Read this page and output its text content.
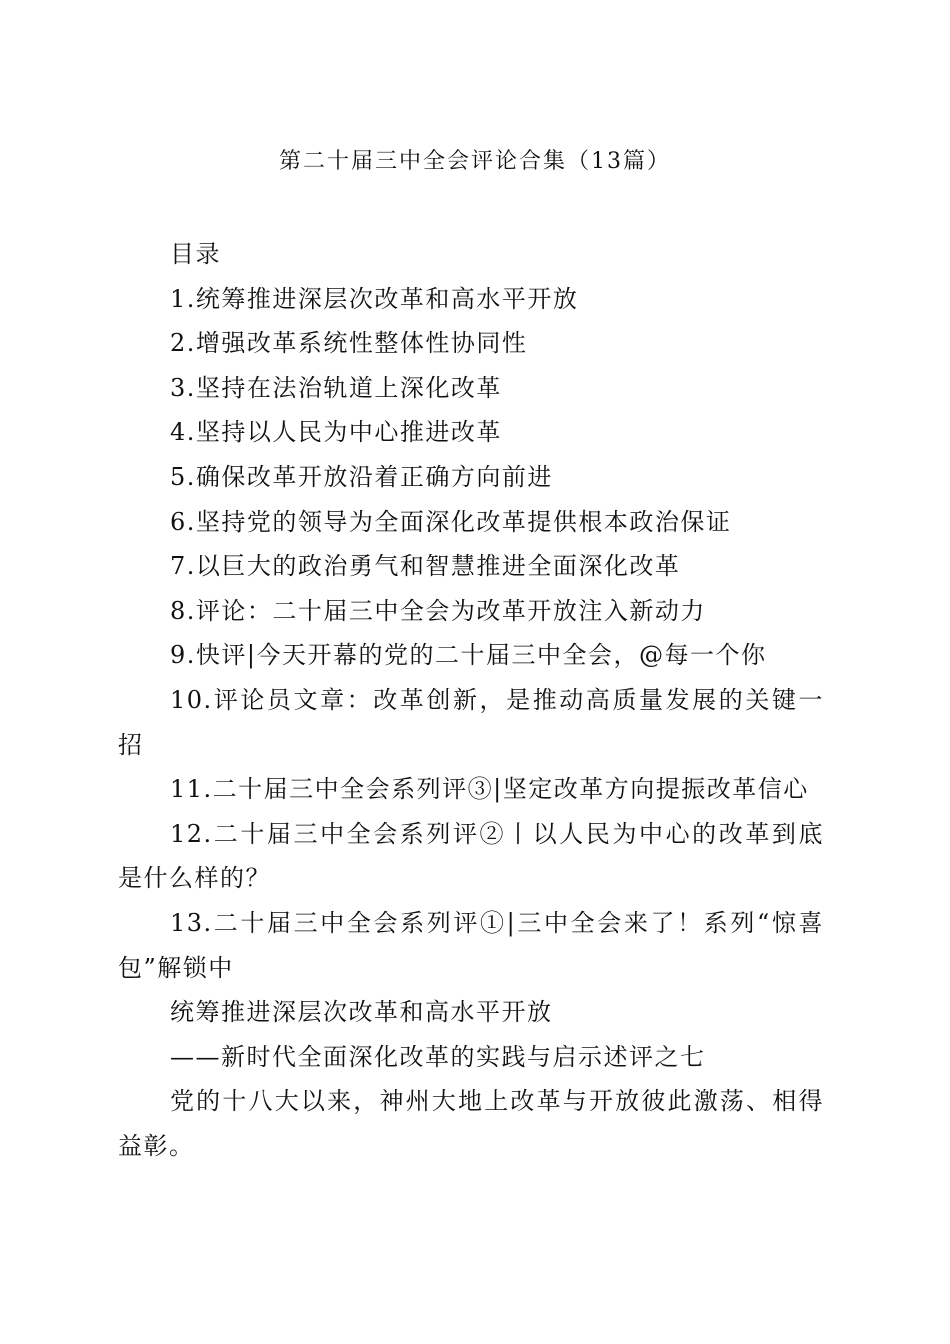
第二十届三中全会评论合集（13篇）

目录

1.统筹推进深层次改革和高水平开放

2.增强改革系统性整体性协同性

3.坚持在法治轨道上深化改革

4.坚持以人民为中心推进改革

5.确保改革开放沿着正确方向前进

6.坚持党的领导为全面深化改革提供根本政治保证

7.以巨大的政治勇气和智慧推进全面深化改革

8.评论：二十届三中全会为改革开放注入新动力

9.快评|今天开幕的党的二十届三中全会，@每一个你

10.评论员文章：改革创新，是推动高质量发展的关键一招

11.二十届三中全会系列评③|坚定改革方向提振改革信心

12.二十届三中全会系列评②丨以人民为中心的改革到底是什么样的？

13.二十届三中全会系列评①|三中全会来了！系列“惊喜包”解锁中

统筹推进深层次改革和高水平开放

——新时代全面深化改革的实践与启示述评之七

党的十八大以来，神州大地上改革与开放彼此激荡、相得益彰。
